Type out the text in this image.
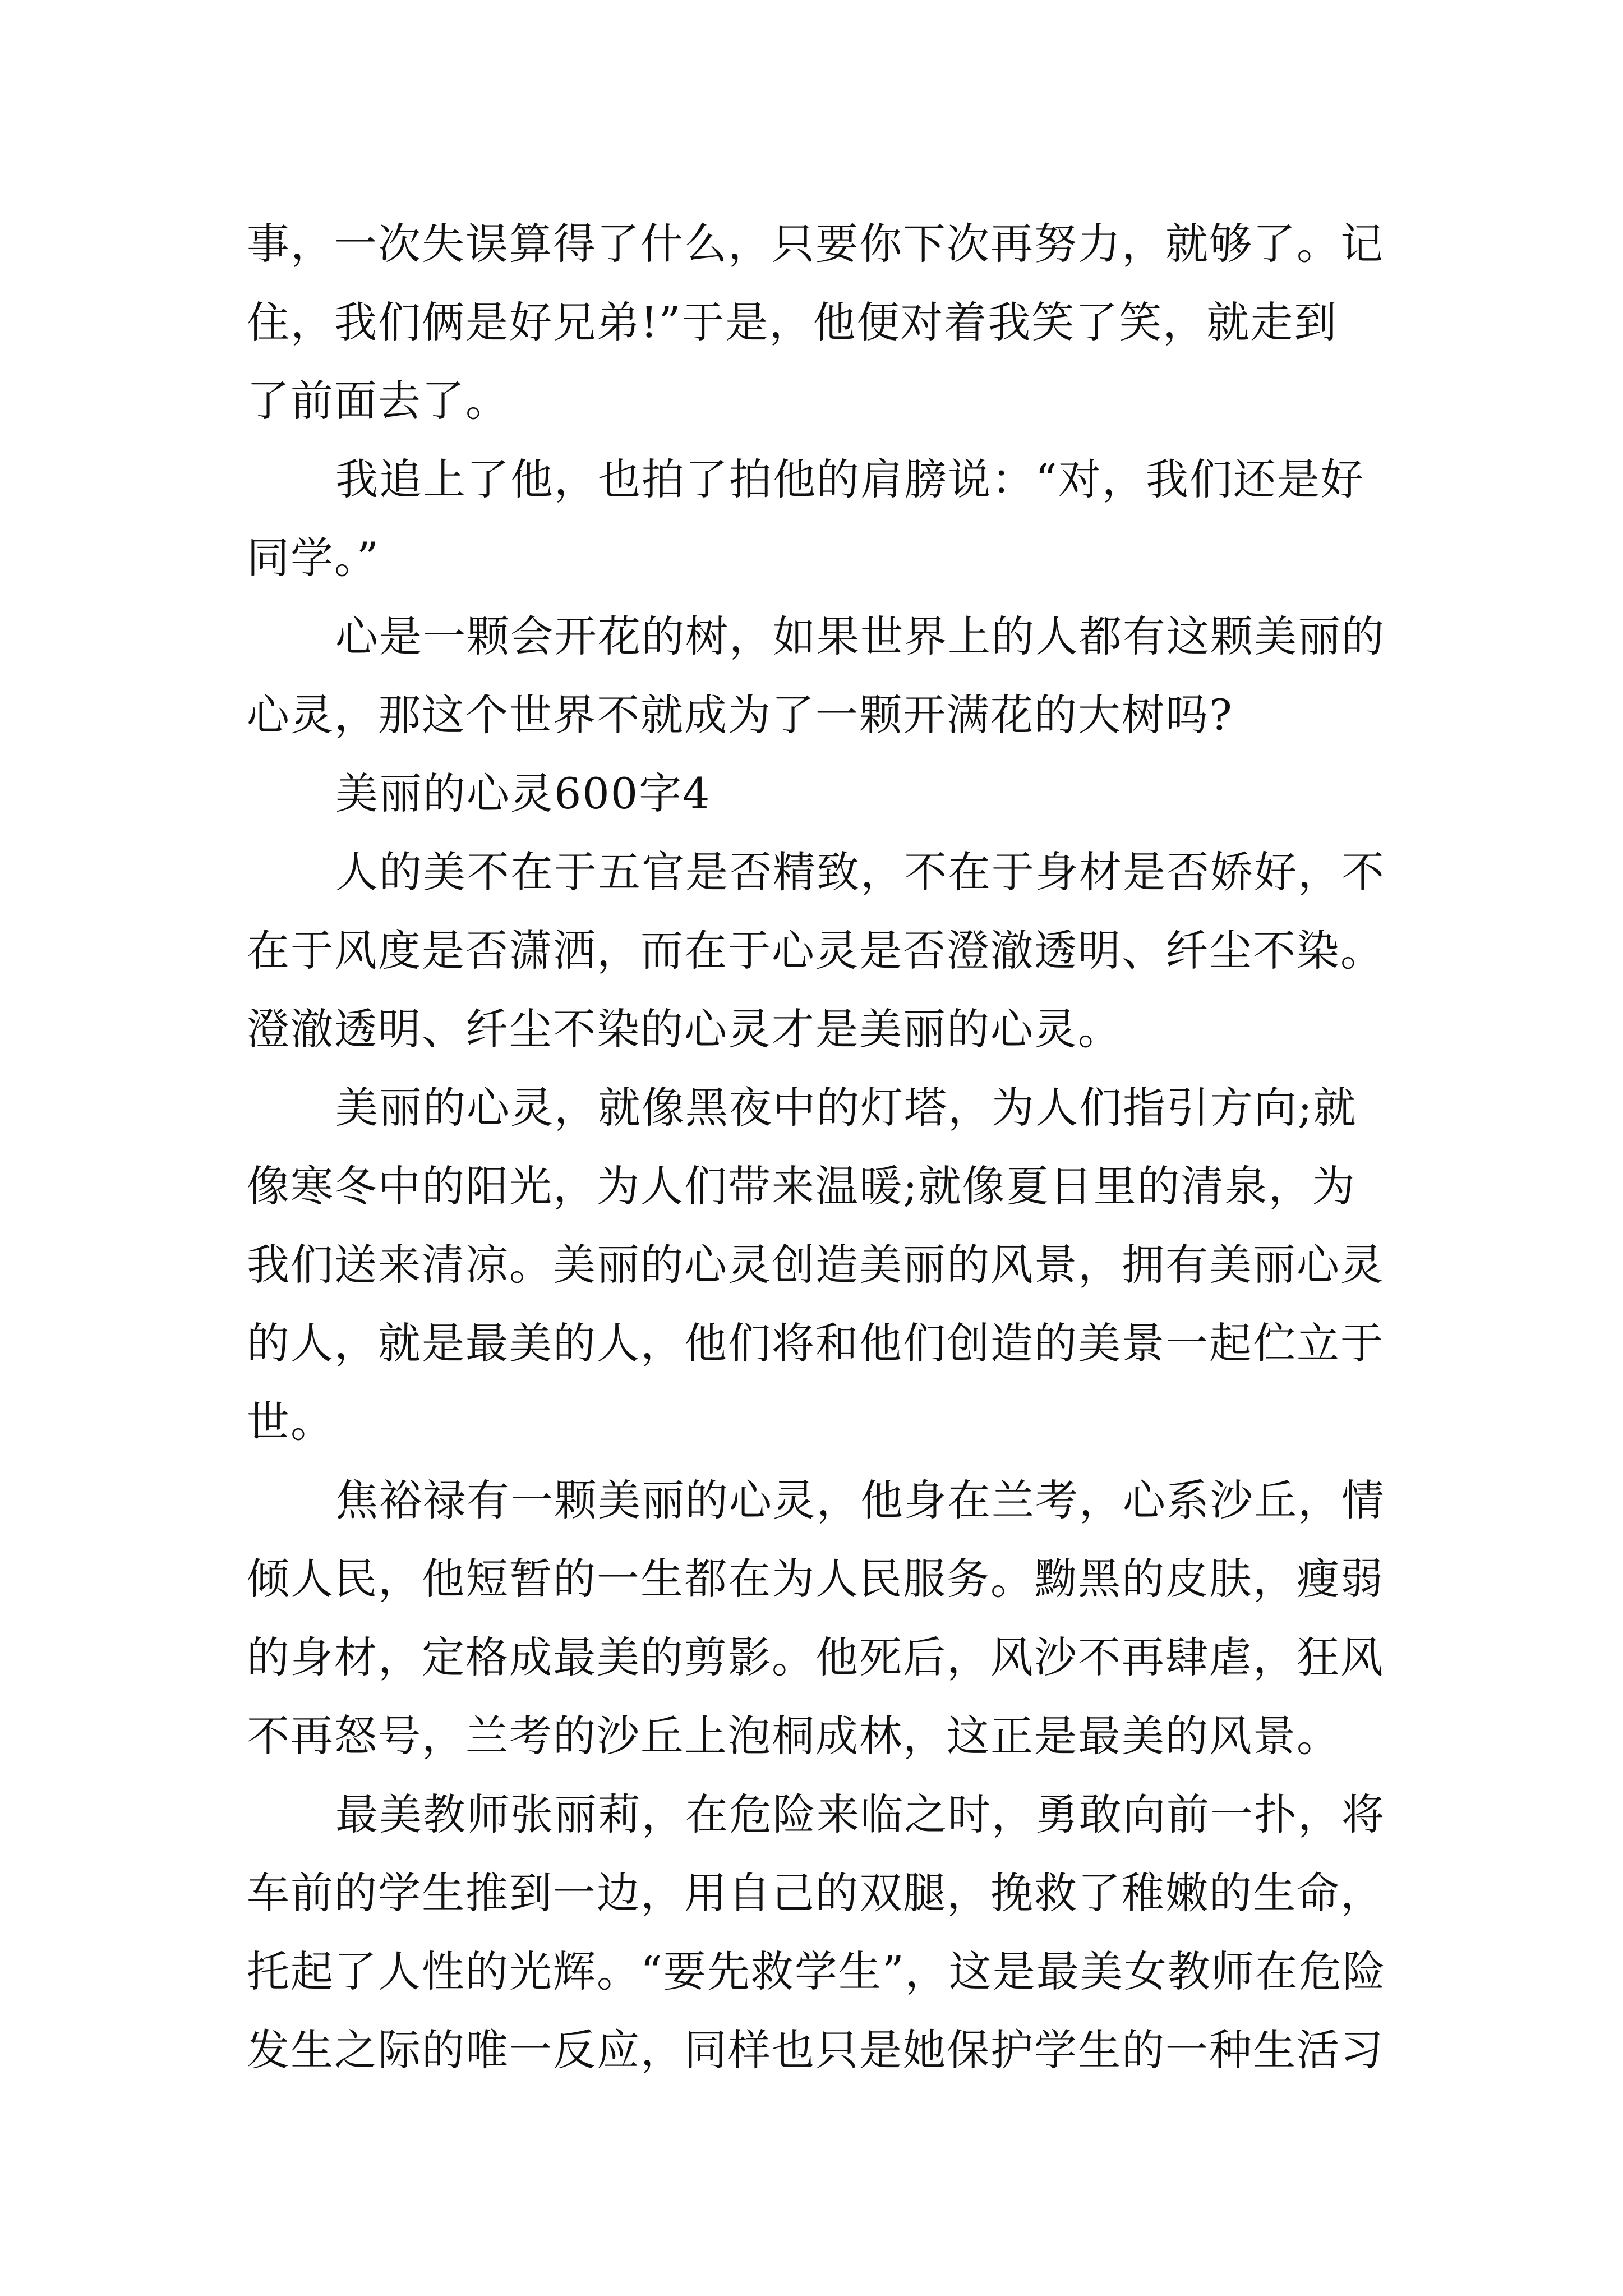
事，一次失误算得了什么，只要你下次再努力，就够了。记

住，我们俩是好兄弟!”于是，他便对着我笑了笑，就走到

了前面去了。

我追上了他，也拍了拍他的肩膀说：“对，我们还是好

同学。”

心是一颗会开花的树，如果世界上的人都有这颗美丽的

心灵，那这个世界不就成为了一颗开满花的大树吗?

美丽的心灵600字4

人的美不在于五官是否精致，不在于身材是否娇好，不

在于风度是否潇洒，而在于心灵是否澄澈透明、纤尘不染。

澄澈透明、纤尘不染的心灵才是美丽的心灵。

美丽的心灵，就像黑夜中的灯塔，为人们指引方向;就

像寒冬中的阳光，为人们带来温暖;就像夏日里的清泉，为

我们送来清凉。美丽的心灵创造美丽的风景，拥有美丽心灵

的人，就是最美的人，他们将和他们创造的美景一起伫立于

世。

焦裕禄有一颗美丽的心灵，他身在兰考，心系沙丘，情

倾人民，他短暂的一生都在为人民服务。黝黑的皮肤，瘦弱

的身材，定格成最美的剪影。他死后，风沙不再肆虐，狂风

不再怒号，兰考的沙丘上泡桐成林，这正是最美的风景。

最美教师张丽莉，在危险来临之时，勇敢向前一扑，将

车前的学生推到一边，用自己的双腿，挽救了稚嫩的生命，

托起了人性的光辉。“要先救学生”，这是最美女教师在危险

发生之际的唯一反应，同样也只是她保护学生的一种生活习
